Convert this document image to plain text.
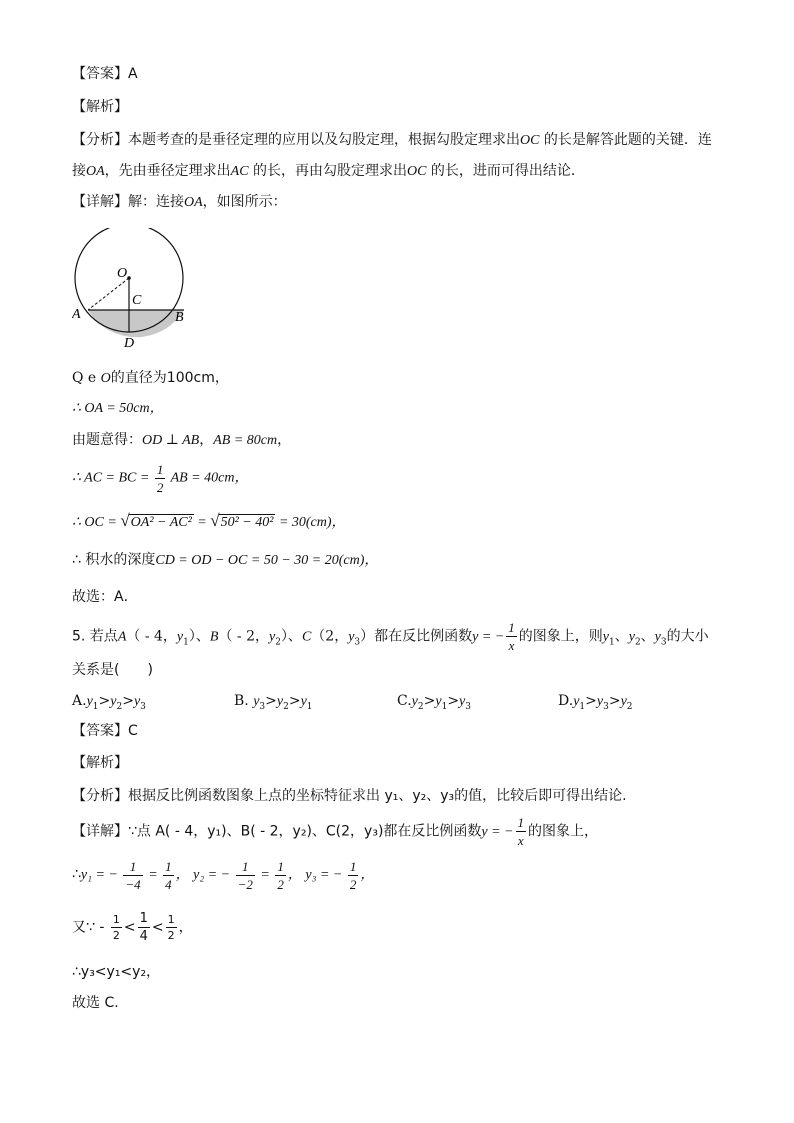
【答案】A
【解析】
【分析】本题考查的是垂径定理的应用以及勾股定理，根据勾股定理求出OC 的长是解答此题的关键．连
接OA，先由垂径定理求出AC 的长，再由勾股定理求出OC 的长，进而可得出结论．
【详解】解：连接OA，如图所示：
O
C
A	B
D
Q e O的直径为100cm，
∴ OA = 50cm，
由题意得：OD ⊥ AB，AB = 80cm，
∴ AC = BC = $\frac{1}{2}$ AB = 40cm，
∴ OC = √OA² − AC² = √50² − 40² = 30(cm)，
∴ 积水的深度CD = OD − OC = 50 − 30 = 20(cm)，
故选：A．
5. 若点A（ - 4，$y_1$）、B（ - 2，$y_2$）、C（2，$y_3$）都在反比例函数y = − $\frac{1}{x}$ 的图象上，则$y_1$、$y_2$、$y_3$的大小
关系是(　　)
$A.y_1>y_2>y_3$	B. $y_3>y_2>y_1$	$C.y_2>y_1>y_3$	$D.y_1>y_3>y_2$
【答案】C
【解析】
【分析】根据反比例函数图象上点的坐标特征求出 y₁、y₂、y₃的值，比较后即可得出结论.
【详解】∵点 A( - 4，y₁)、B( - 2，y₂)、C(2，y₃)都在反比例函数y = − $\frac{1}{x}$ 的图象上，
∴y₁ = − $\frac{1}{-4} = \frac{1}{4}$ ， y₂ = − $\frac{1}{-2} = \frac{1}{2}$ ， y₃ = − $\frac{1}{2}$ ，
又∵ - $\frac{1}{2} < \frac{1}{4} < \frac{1}{2}$ ，
∴y₃<y₁<y₂，
故选 C.
